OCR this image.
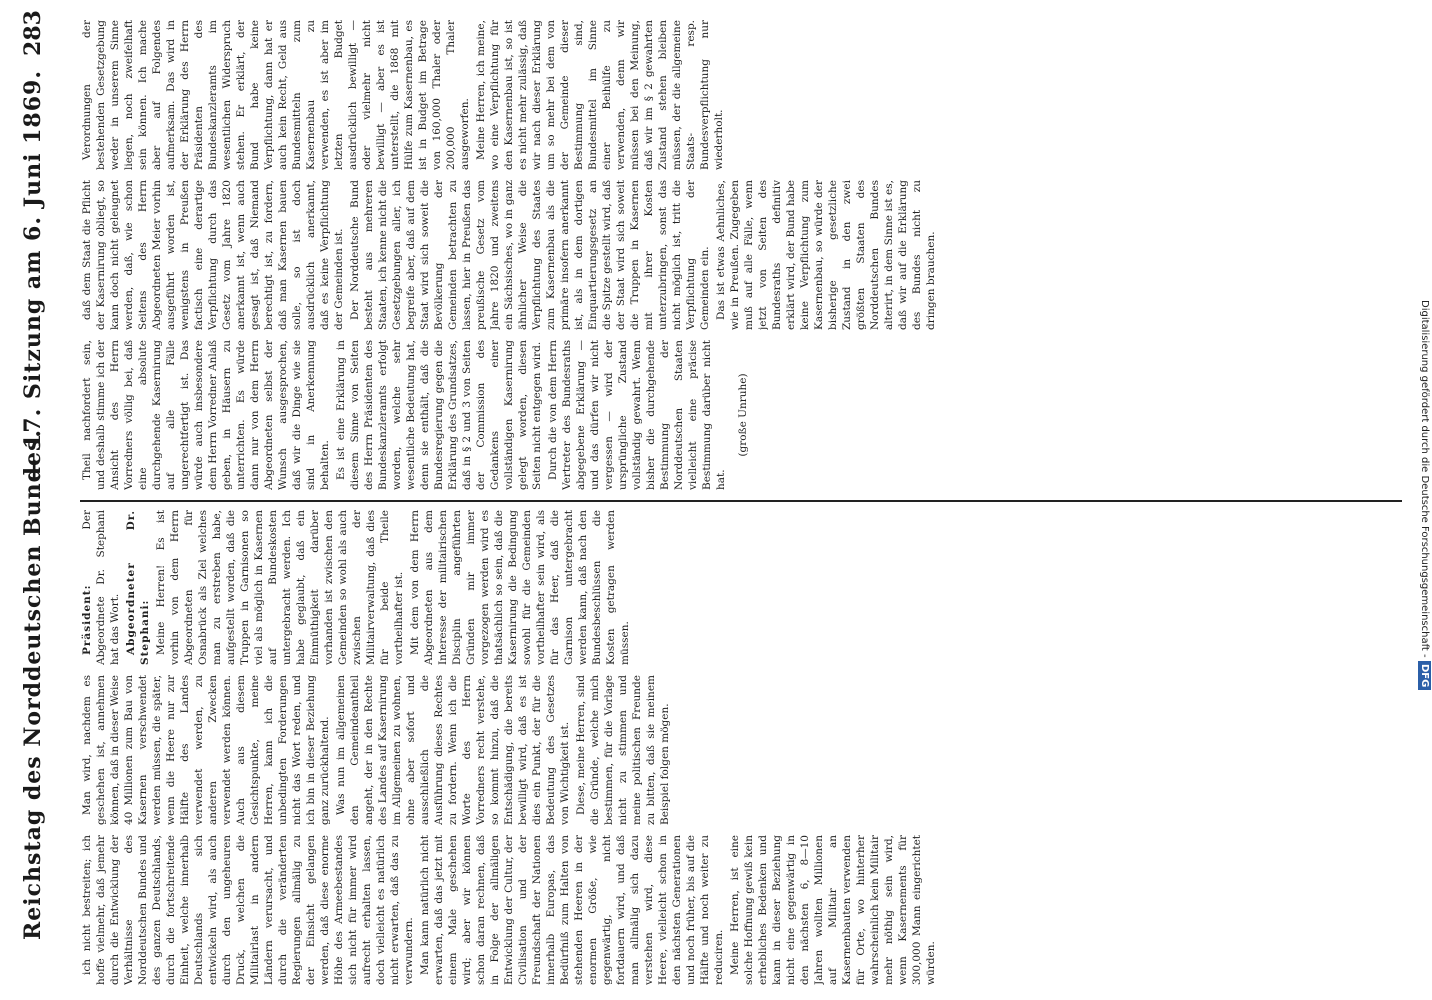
Reichstag des Norddeutschen Bundes.
— 17. Sitzung am 6. Juni 1869.
283

ich nicht bestreiten; ich hoffe vielmehr, daß jemehr durch die Entwicklung der Verhältnisse des Norddeutschen Bundes und des ganzen Deutschlands, durch die fortschreitende Einheit, welche innerhalb Deutschlands sich entwickeln wird, als auch durch den ungeheuren Druck, welchen die Militairlast in andern Ländern verursacht, und durch die veränderten Regierungen allmälig zu der Einsicht gelangen werden, daß diese enorme Höhe des Armeebestandes sich nicht für immer wird aufrecht erhalten lassen, doch vielleicht es natürlich nicht erwarten, daß das zu verwundern. Man kann natürlich nicht erwarten, daß das jetzt mit einem Male geschehen wird; aber wir können schon daran rechnen, daß in Folge der allmäligen Entwicklung der Cultur, der Civilisation und der Freundschaft der Nationen innerhalb Europas, das Bedürfniß zum Halten von stehenden Heeren in der enormen Größe, wie gegenwärtig, nicht fortdauern wird, und daß man allmälig sich dazu verstehen wird, diese Heere, vielleicht schon in den nächsten Generationen und noch früher, bis auf die Hälfte und noch weiter zu reduciren. Meine Herren, ist eine solche Hoffnung gewiß kein erhebliches Bedenken und kann in dieser Beziehung nicht eine gegenwärtig in den nächsten 6, 8—10 Jahren wollten Millionen auf Militair an Kasernenbauten verwenden für Orte, wo hinterher wahrscheinlich kein Militair mehr nöthig sein wird, wenn Kasernements für 300,000 Mann eingerichtet würden.

Man wird, nachdem es geschehen ist, annehmen können, daß in dieser Weise 40 Millionen zum Bau von Kasernen verschwendet werden müssen, die später, wenn die Heere nur zur Hälfte des Landes verwendet werden, zu anderen Zwecken verwendet werden können. Auch aus diesem Gesichtspunkte, meine Herren, kann ich die unbedingten Forderungen nicht das Wort reden, und ich bin in dieser Beziehung ganz zurückhaltend. Was nun im allgemeinen den Gemeindeantheil angeht, der in den Rechte des Landes auf Kasernirung im Allgemeinen zu wohnen, ohne aber sofort und ausschließlich die Ausführung dieses Rechtes zu fordern. Wenn ich die Worte des Herrn Vorredners recht verstehe, so kommt hinzu, daß die Entschädigung, die bereits bewilligt wird, daß es ist dies ein Punkt, der für die Bedeutung des Gesetzes von Wichtigkeit ist. Diese, meine Herren, sind die Gründe, welche mich bestimmen, für die Vorlage nicht zu stimmen und meine politischen Freunde zu bitten, daß sie meinem Beispiel folgen mögen.

Präsident: Der Abgeordnete Dr. Stephani hat das Wort. Abgeordneter Dr. Stephani: Meine Herren! Es ist vorhin von dem Herrn Abgeordneten für Osnabrück als Ziel welches man zu erstreben habe, aufgestellt worden, daß die Truppen in Garnisonen so viel als möglich in Kasernen auf Bundeskosten untergebracht werden. Ich habe geglaubt, daß ein Einmüthigkeit darüber vorhanden ist zwischen den Gemeinden so wohl als auch zwischen der Militairverwaltung, daß dies für beide Theile vortheilhafter ist. Mit dem von dem Herrn Abgeordneten aus dem Interesse der militairischen Disciplin angeführten Gründen mir immer vorgezogen werden wird es thatsächlich so sein, daß die Kasernirung die Bedingung sowohl für die Gemeinden vortheilhafter sein wird, als für das Heer, daß die Garnison untergebracht werden kann, daß nach den Bundesbeschlüssen die Kosten getragen werden müssen.

Theil nachfordert sein, und deshalb stimme ich der Ansicht des Herrn Vorredners völlig bei, daß eine absolute durchgehende Kasernirung auf alle Fälle ungerechtfertigt ist. Das würde auch insbesondere dem Herrn Vorredner Anlaß geben, in Häusern zu unterrichten. Es würde dann nur von dem Herrn Abgeordneten selbst der Wunsch ausgesprochen, daß wir die Dinge wie sie sind in Anerkennung behalten. Es ist eine Erklärung in diesem Sinne von Seiten des Herrn Präsidenten des Bundeskanzleramts erfolgt worden, welche sehr wesentliche Bedeutung hat, denn sie enthält, daß die Bundesregierung gegen die Erklärung des Grundsatzes, daß in § 2 und 3 von Seiten der Commission des Gedankens einer vollständigen Kasernirung gelegt worden, diesen Seiten nicht entgegen wird. Durch die von dem Herrn Vertreter des Bundesraths abgegebene Erklärung — und das dürfen wir nicht vergessen — wird der ursprüngliche Zustand vollständig gewahrt. Wenn bisher die durchgehende Bestimmung der Norddeutschen Staaten vielleicht eine präcise Bestimmung darüber nicht hat.

(große Unruhe)

daß dem Staat die Pflicht der Kasernirung obliegt, so kann doch nicht geleugnet werden, daß, wie schon Seitens des Herrn Abgeordneten Meier vorhin ausgeführt worden ist, wenigstens in Preußen factisch eine derartige Verpflichtung durch das Gesetz vom Jahre 1820 anerkannt ist, wenn auch gesagt ist, daß Niemand berechtigt ist, zu fordern, daß man Kasernen bauen solle, so ist doch ausdrücklich anerkannt, daß es keine Verpflichtung der Gemeinden ist. Der Norddeutsche Bund besteht aus mehreren Staaten, ich kenne nicht die Gesetzgebungen aller, ich begreife aber, daß auf dem Staat wird sich soweit die Bevölkerung der Gemeinden betrachten zu lassen, hier in Preußen das preußische Gesetz vom Jahre 1820 und zweitens ein Sächsisches, wo in ganz ähnlicher Weise die Verpflichtung des Staates zum Kasernenbau als die primäre insofern anerkannt ist, als in dem dortigen Einquartierungsgesetz an die Spitze gestellt wird, daß der Staat wird sich soweit die Truppen in Kasernen mit ihrer Kosten unterzubringen, sonst das nicht möglich ist, tritt die Verpflichtung der Gemeinden ein. Das ist etwas Aehnliches, wie in Preußen. Zugegeben muß auf alle Fälle, wenn jetzt von Seiten des Bundesraths definitiv erklärt wird, der Bund habe keine Verpflichtung zum Kasernenbau, so würde der bisherige gesetzliche Zustand in den zwei größten Staaten des Norddeutschen Bundes alterirt, in dem Sinne ist es, daß wir auf die Erklärung des Bundes nicht zu dringen brauchen.

Verordnungen der bestehenden Gesetzgebung weder in unserem Sinne liegen, noch zweifelhaft sein können. Ich mache aber auf Folgendes aufmerksam. Das wird in der Erklärung des Herrn Präsidenten des Bundeskanzleramts im wesentlichen Widerspruch stehen. Er erklärt, der Bund habe keine Verpflichtung, dann hat er auch kein Recht, Geld aus Bundesmitteln zum Kasernenbau zu verwenden, es ist aber im letzten Budget ausdrücklich bewilligt — oder vielmehr nicht bewilligt — aber es ist unterstellt, die 1868 mit Hülfe zum Kasernenbau, es ist in Budget im Betrage von 160,000 Thaler oder 200,000 Thaler ausgeworfen. Meine Herren, ich meine, wo eine Verpflichtung für den Kasernenbau ist, so ist es nicht mehr zulässig, daß wir nach dieser Erklärung um so mehr bei dem von der Gemeinde dieser Bestimmung sind, Bundesmittel im Sinne einer Beihülfe zu verwenden, denn wir müssen bei den Meinung, daß wir im § 2 gewahrten Zustand stehen bleiben müssen, der die allgemeine Staats- resp. Bundesverpflichtung nur wiederholt.

Digitalisierung gefördert durch die Deutsche Forschungsgemeinschaft - DFG
